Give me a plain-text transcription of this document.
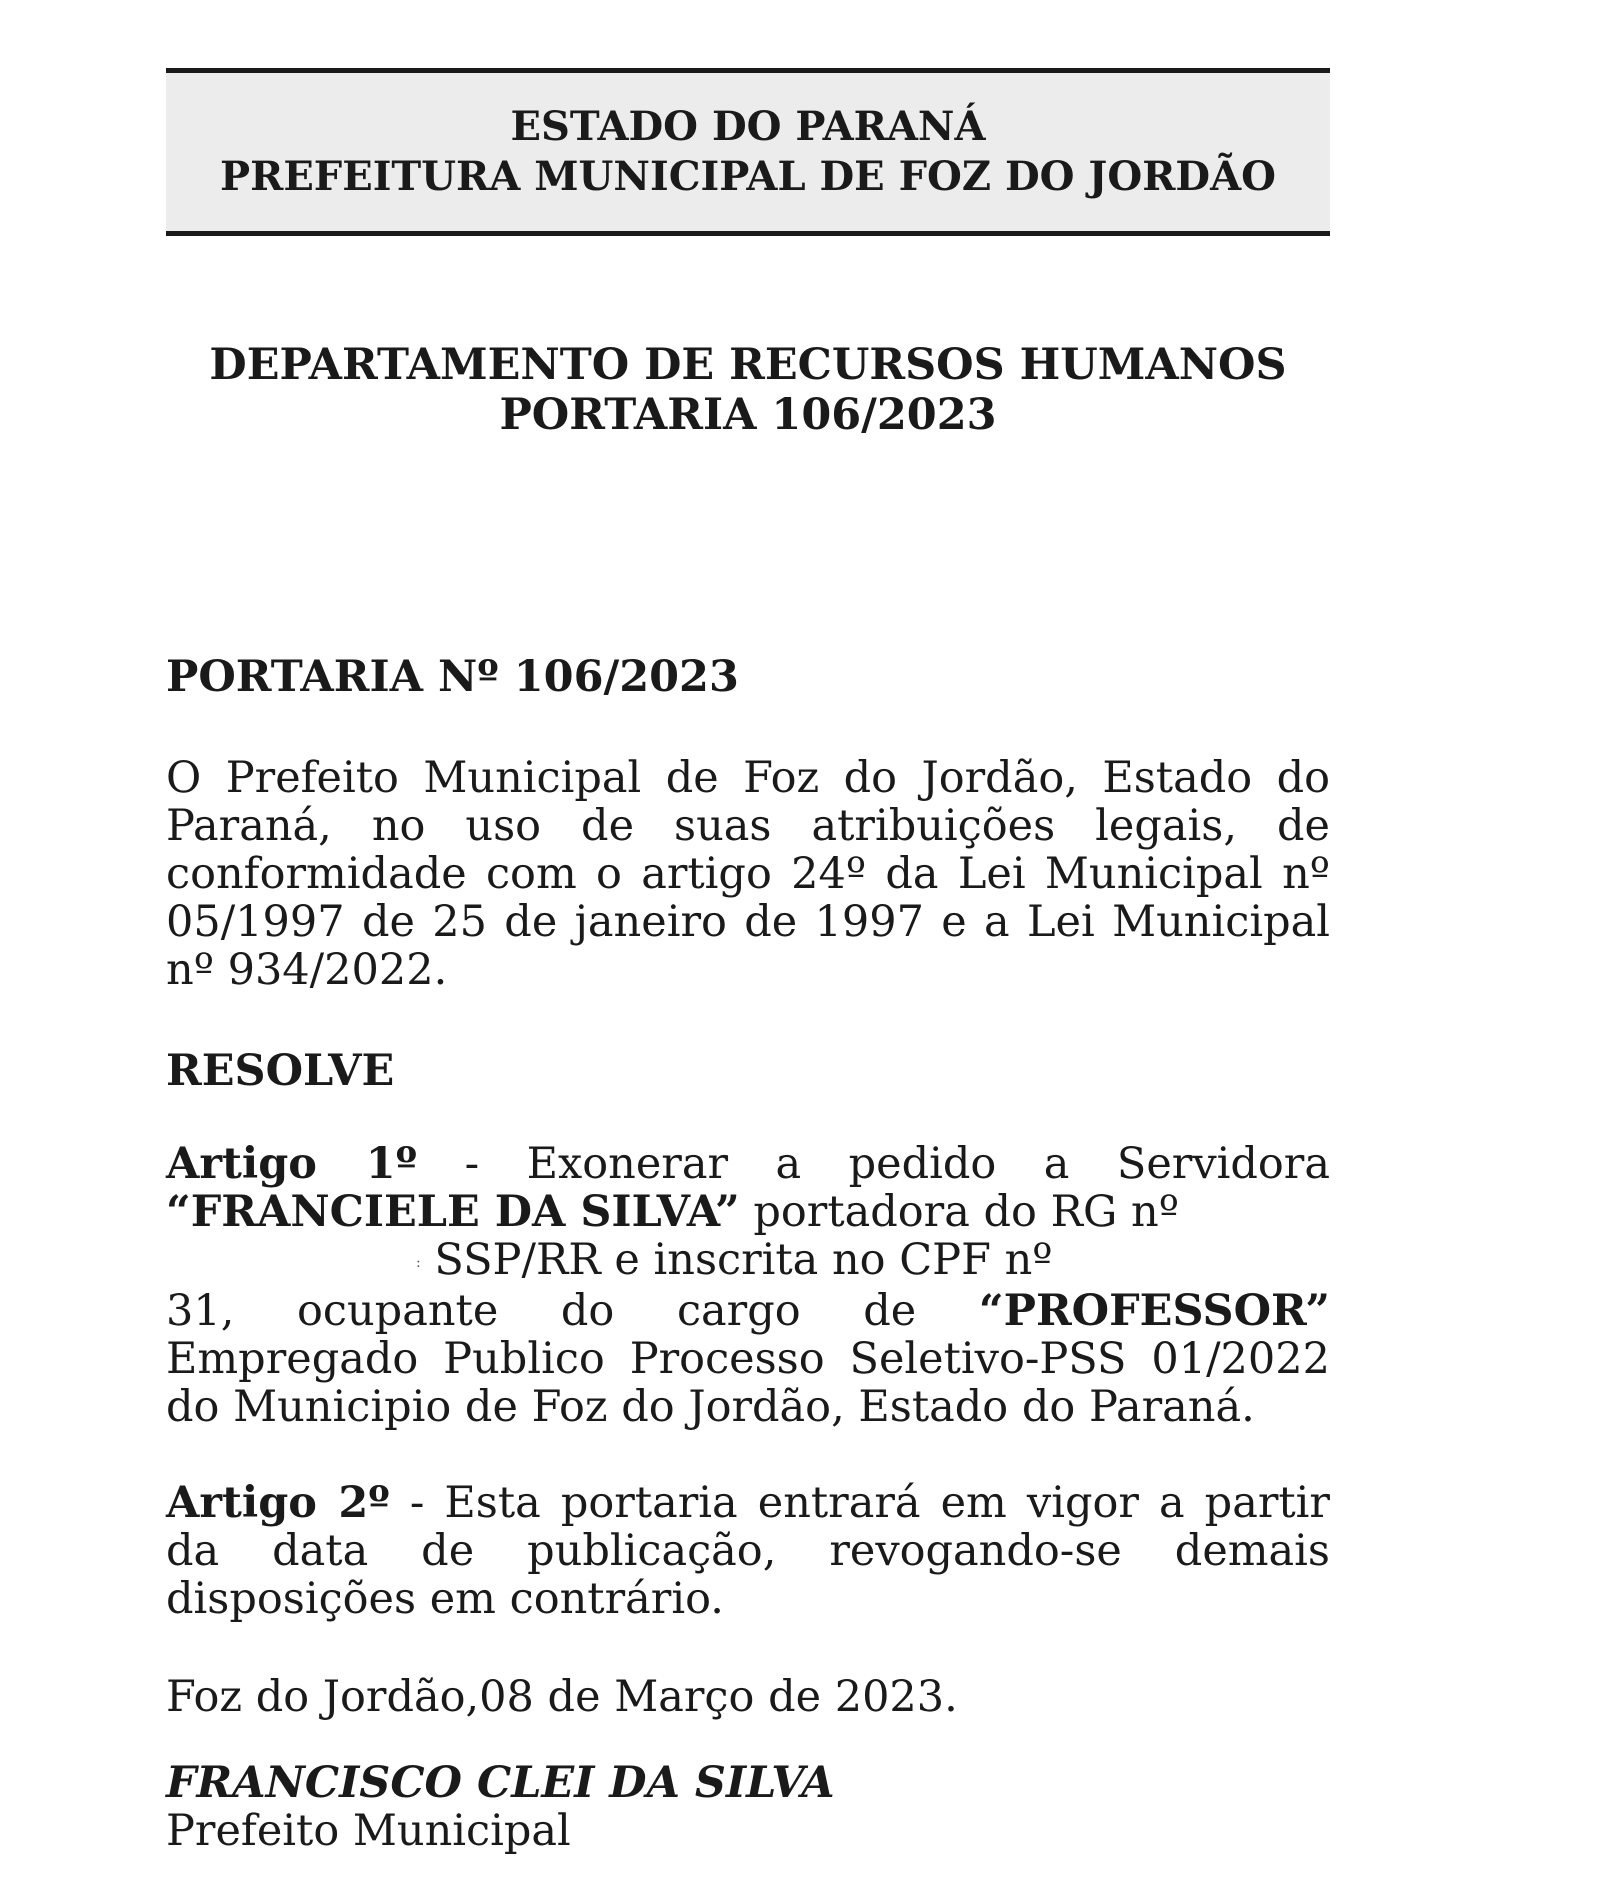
ESTADO DO PARANÁ
PREFEITURA MUNICIPAL DE FOZ DO JORDÃO
DEPARTAMENTO DE RECURSOS HUMANOS
PORTARIA 106/2023
PORTARIA Nº 106/2023
O Prefeito Municipal de Foz do Jordão, Estado do Paraná, no uso de suas atribuições legais, de conformidade com o artigo 24º da Lei Municipal nº 05/1997 de 25 de janeiro de 1997 e a Lei Municipal nº 934/2022.
RESOLVE
Artigo 1º - Exonerar a pedido a Servidora “FRANCIELE DA SILVA” portadora do RG nº
: SSP/RR e inscrita no CPF nº
31, ocupante do cargo de “PROFESSOR” Empregado Publico Processo Seletivo-PSS 01/2022 do Municipio de Foz do Jordão, Estado do Paraná.
Artigo 2º - Esta portaria entrará em vigor a partir da data de publicação, revogando-se demais disposições em contrário.
Foz do Jordão,08 de Março de 2023.
FRANCISCO CLEI DA SILVA
Prefeito Municipal
